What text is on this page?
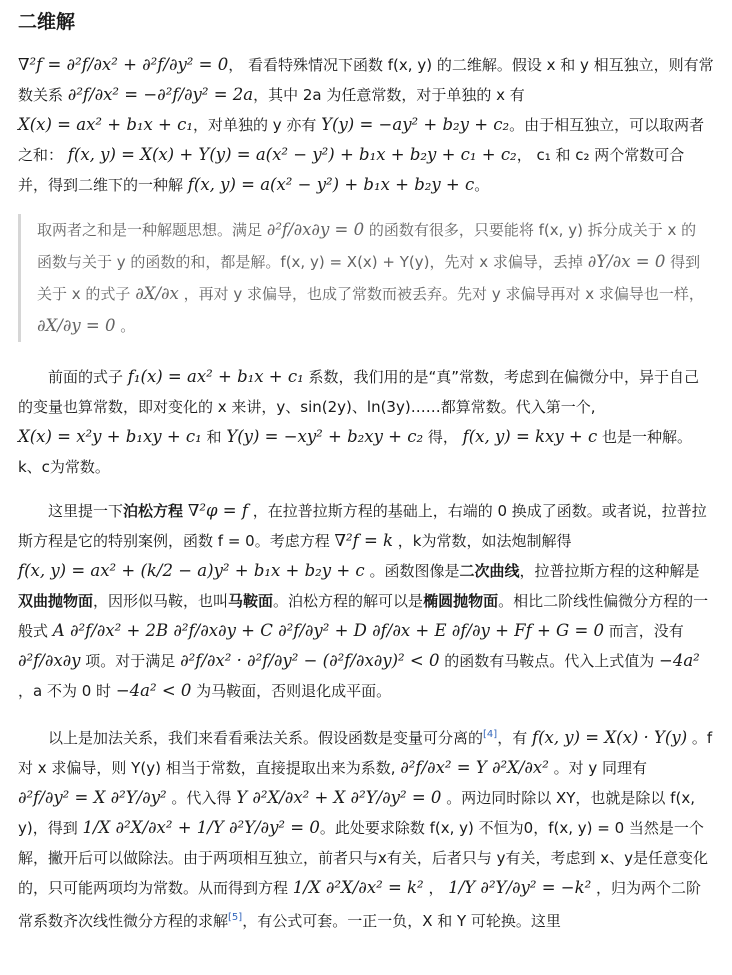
二维解

∇²f = ∂²f/∂x² + ∂²f/∂y² = 0， 看看特殊情况下函数 f(x, y) 的二维解。假设 x 和 y 相互独立，则有常数关系 ∂²f/∂x² = −∂²f/∂y² = 2a，其中 2a 为任意常数，对于单独的 x 有 X(x) = ax² + b₁x + c₁，对单独的 y 亦有 Y(y) = −ay² + b₂y + c₂。由于相互独立，可以取两者之和： f(x, y) = X(x) + Y(y) = a(x² − y²) + b₁x + b₂y + c₁ + c₂， c₁ 和 c₂ 两个常数可合并，得到二维下的一种解 f(x, y) = a(x² − y²) + b₁x + b₂y + c。

取两者之和是一种解题思想。满足 ∂²f/∂x∂y = 0 的函数有很多，只要能将 f(x, y) 拆分成关于 x 的函数与关于 y 的函数的和，都是解。f(x, y) = X(x) + Y(y)，先对 x 求偏导，丢掉 ∂Y/∂x = 0 得到关于 x 的式子 ∂X/∂x ，再对 y 求偏导，也成了常数而被丢弃。先对 y 求偏导再对 x 求偏导也一样， ∂X/∂y = 0 。

前面的式子 f₁(x) = ax² + b₁x + c₁ 系数，我们用的是“真”常数，考虑到在偏微分中，异于自己的变量也算常数，即对变化的 x 来讲，y、sin(2y)、ln(3y)……都算常数。代入第一个, X(x) = x²y + b₁xy + c₁ 和 Y(y) = −xy² + b₂xy + c₂ 得， f(x, y) = kxy + c 也是一种解。k、c为常数。

这里提一下泊松方程 ∇²φ = f ，在拉普拉斯方程的基础上，右端的 0 换成了函数。或者说，拉普拉斯方程是它的特别案例，函数 f = 0。考虑方程 ∇²f = k ，k为常数，如法炮制解得 f(x, y) = ax² + (k/2 − a)y² + b₁x + b₂y + c 。函数图像是二次曲线，拉普拉斯方程的这种解是双曲抛物面，因形似马鞍，也叫马鞍面。泊松方程的解可以是椭圆抛物面。相比二阶线性偏微分方程的一般式 A ∂²f/∂x² + 2B ∂²f/∂x∂y + C ∂²f/∂y² + D ∂f/∂x + E ∂f/∂y + Ff + G = 0 而言，没有 ∂²f/∂x∂y 项。对于满足 ∂²f/∂x² · ∂²f/∂y² − (∂²f/∂x∂y)² < 0 的函数有马鞍点。代入上式值为 −4a² ，a 不为 0 时 −4a² < 0 为马鞍面，否则退化成平面。

以上是加法关系，我们来看看乘法关系。假设函数是变量可分离的[4]，有 f(x, y) = X(x) · Y(y) 。f 对 x 求偏导，则 Y(y) 相当于常数，直接提取出来为系数, ∂²f/∂x² = Y ∂²X/∂x² 。对 y 同理有 ∂²f/∂y² = X ∂²Y/∂y² 。代入得 Y ∂²X/∂x² + X ∂²Y/∂y² = 0 。两边同时除以 XY，也就是除以 f(x, y)，得到 1/X ∂²X/∂x² + 1/Y ∂²Y/∂y² = 0。此处要求除数 f(x, y) 不恒为0，f(x, y) = 0 当然是一个解，撇开后可以做除法。由于两项相互独立，前者只与x有关，后者只与 y有关，考虑到 x、y是任意变化的，只可能两项均为常数。从而得到方程 1/X ∂²X/∂x² = k² ， 1/Y ∂²Y/∂y² = −k² ，归为两个二阶常系数齐次线性微分方程的求解[5]，有公式可套。一正一负，X 和 Y 可轮换。这里
